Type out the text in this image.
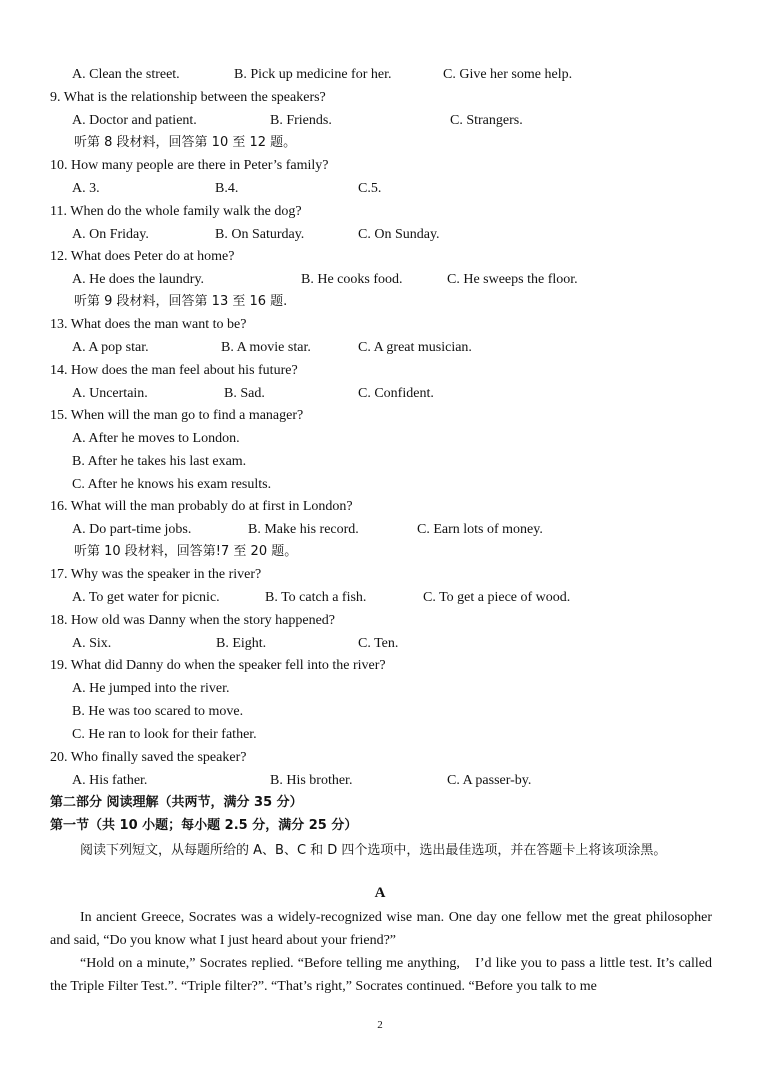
A. Clean the street.	B. Pick up medicine for her.	C. Give her some help.
9. What is the relationship between the speakers?
A. Doctor and patient.	B. Friends.	C. Strangers.
听第 8 段材料，回答第 10 至 12 题。
10. How many people are there in Peter’s family?
A. 3.	B.4.	C.5.
11. When do the whole family walk the dog?
A. On Friday.	B. On Saturday.	C. On Sunday.
12. What does Peter do at home?
A. He does the laundry.	B. He cooks food.	C. He sweeps the floor.
听第 9 段材料，回答第 13 至 16 题.
13. What does the man want to be?
A. A pop star.	B. A movie star.	C. A great musician.
14. How does the man feel about his future?
A. Uncertain.	B. Sad.	C. Confident.
15. When will the man go to find a manager?
A. After he moves to London.
B. After he takes his last exam.
C. After he knows his exam results.
16. What will the man probably do at first in London?
A. Do part-time jobs.	B. Make his record.	C. Earn lots of money.
听第 10 段材料，回答第!7 至 20 题。
17. Why was the speaker in the river?
A. To get water for picnic.	B. To catch a fish.	C. To get a piece of wood.
18. How old was Danny when the story happened?
A. Six.	B. Eight.	C. Ten.
19. What did Danny do when the speaker fell into the river?
A. He jumped into the river.
B. He was too scared to move.
C. He ran to look for their father.
20. Who finally saved the speaker?
A. His father.	B. His brother.	C. A passer-by.
第二部分 阅读理解（共两节，满分 35 分）
第一节（共 10 小题；每小题 2.5 分，满分 25 分）
阅读下列短文，从每题所给的 A、B、C 和 D 四个选项中，选出最佳选项，并在答题卡上将该项涂黑。
A
In ancient Greece, Socrates was a widely-recognized wise man. One day one fellow met the great philosopher and said, “Do you know what I just heard about your friend?”
“Hold on a minute,” Socrates replied. “Before telling me anything,　I’d like you to pass a little test. It’s called the Triple Filter Test.”. “Triple filter?”. “That’s right,” Socrates continued. “Before you talk to me
2
